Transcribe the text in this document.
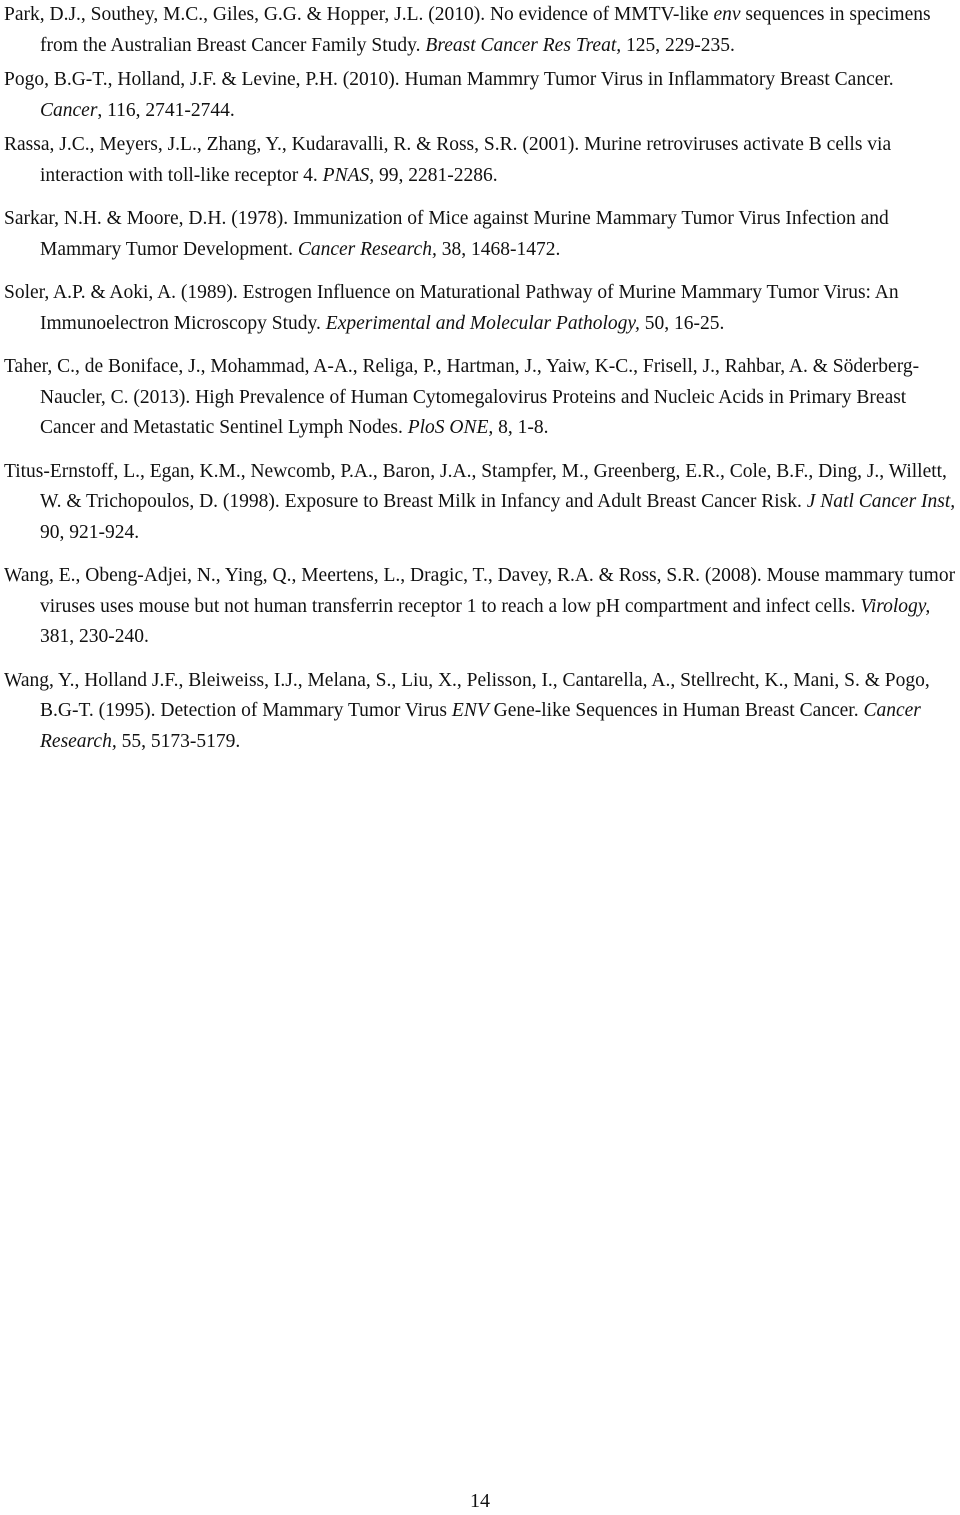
Park, D.J., Southey, M.C., Giles, G.G. & Hopper, J.L. (2010). No evidence of MMTV-like env sequences in specimens from the Australian Breast Cancer Family Study. Breast Cancer Res Treat, 125, 229-235.

Pogo, B.G-T., Holland, J.F. & Levine, P.H. (2010). Human Mammry Tumor Virus in Inflammatory Breast Cancer. Cancer, 116, 2741-2744.

Rassa, J.C., Meyers, J.L., Zhang, Y., Kudaravalli, R. & Ross, S.R. (2001). Murine retroviruses activate B cells via interaction with toll-like receptor 4. PNAS, 99, 2281-2286.

Sarkar, N.H. & Moore, D.H. (1978). Immunization of Mice against Murine Mammary Tumor Virus Infection and Mammary Tumor Development. Cancer Research, 38, 1468-1472.

Soler, A.P. & Aoki, A. (1989). Estrogen Influence on Maturational Pathway of Murine Mammary Tumor Virus: An Immunoelectron Microscopy Study. Experimental and Molecular Pathology, 50, 16-25.

Taher, C., de Boniface, J., Mohammad, A-A., Religa, P., Hartman, J., Yaiw, K-C., Frisell, J., Rahbar, A. & Söderberg-Naucler, C. (2013). High Prevalence of Human Cytomegalovirus Proteins and Nucleic Acids in Primary Breast Cancer and Metastatic Sentinel Lymph Nodes. PloS ONE, 8, 1-8.

Titus-Ernstoff, L., Egan, K.M., Newcomb, P.A., Baron, J.A., Stampfer, M., Greenberg, E.R., Cole, B.F., Ding, J., Willett, W. & Trichopoulos, D. (1998). Exposure to Breast Milk in Infancy and Adult Breast Cancer Risk. J Natl Cancer Inst, 90, 921-924.

Wang, E., Obeng-Adjei, N., Ying, Q., Meertens, L., Dragic, T., Davey, R.A. & Ross, S.R. (2008). Mouse mammary tumor viruses uses mouse but not human transferrin receptor 1 to reach a low pH compartment and infect cells. Virology, 381, 230-240.

Wang, Y., Holland J.F., Bleiweiss, I.J., Melana, S., Liu, X., Pelisson, I., Cantarella, A., Stellrecht, K., Mani, S. & Pogo, B.G-T. (1995). Detection of Mammary Tumor Virus ENV Gene-like Sequences in Human Breast Cancer. Cancer Research, 55, 5173-5179.

14
